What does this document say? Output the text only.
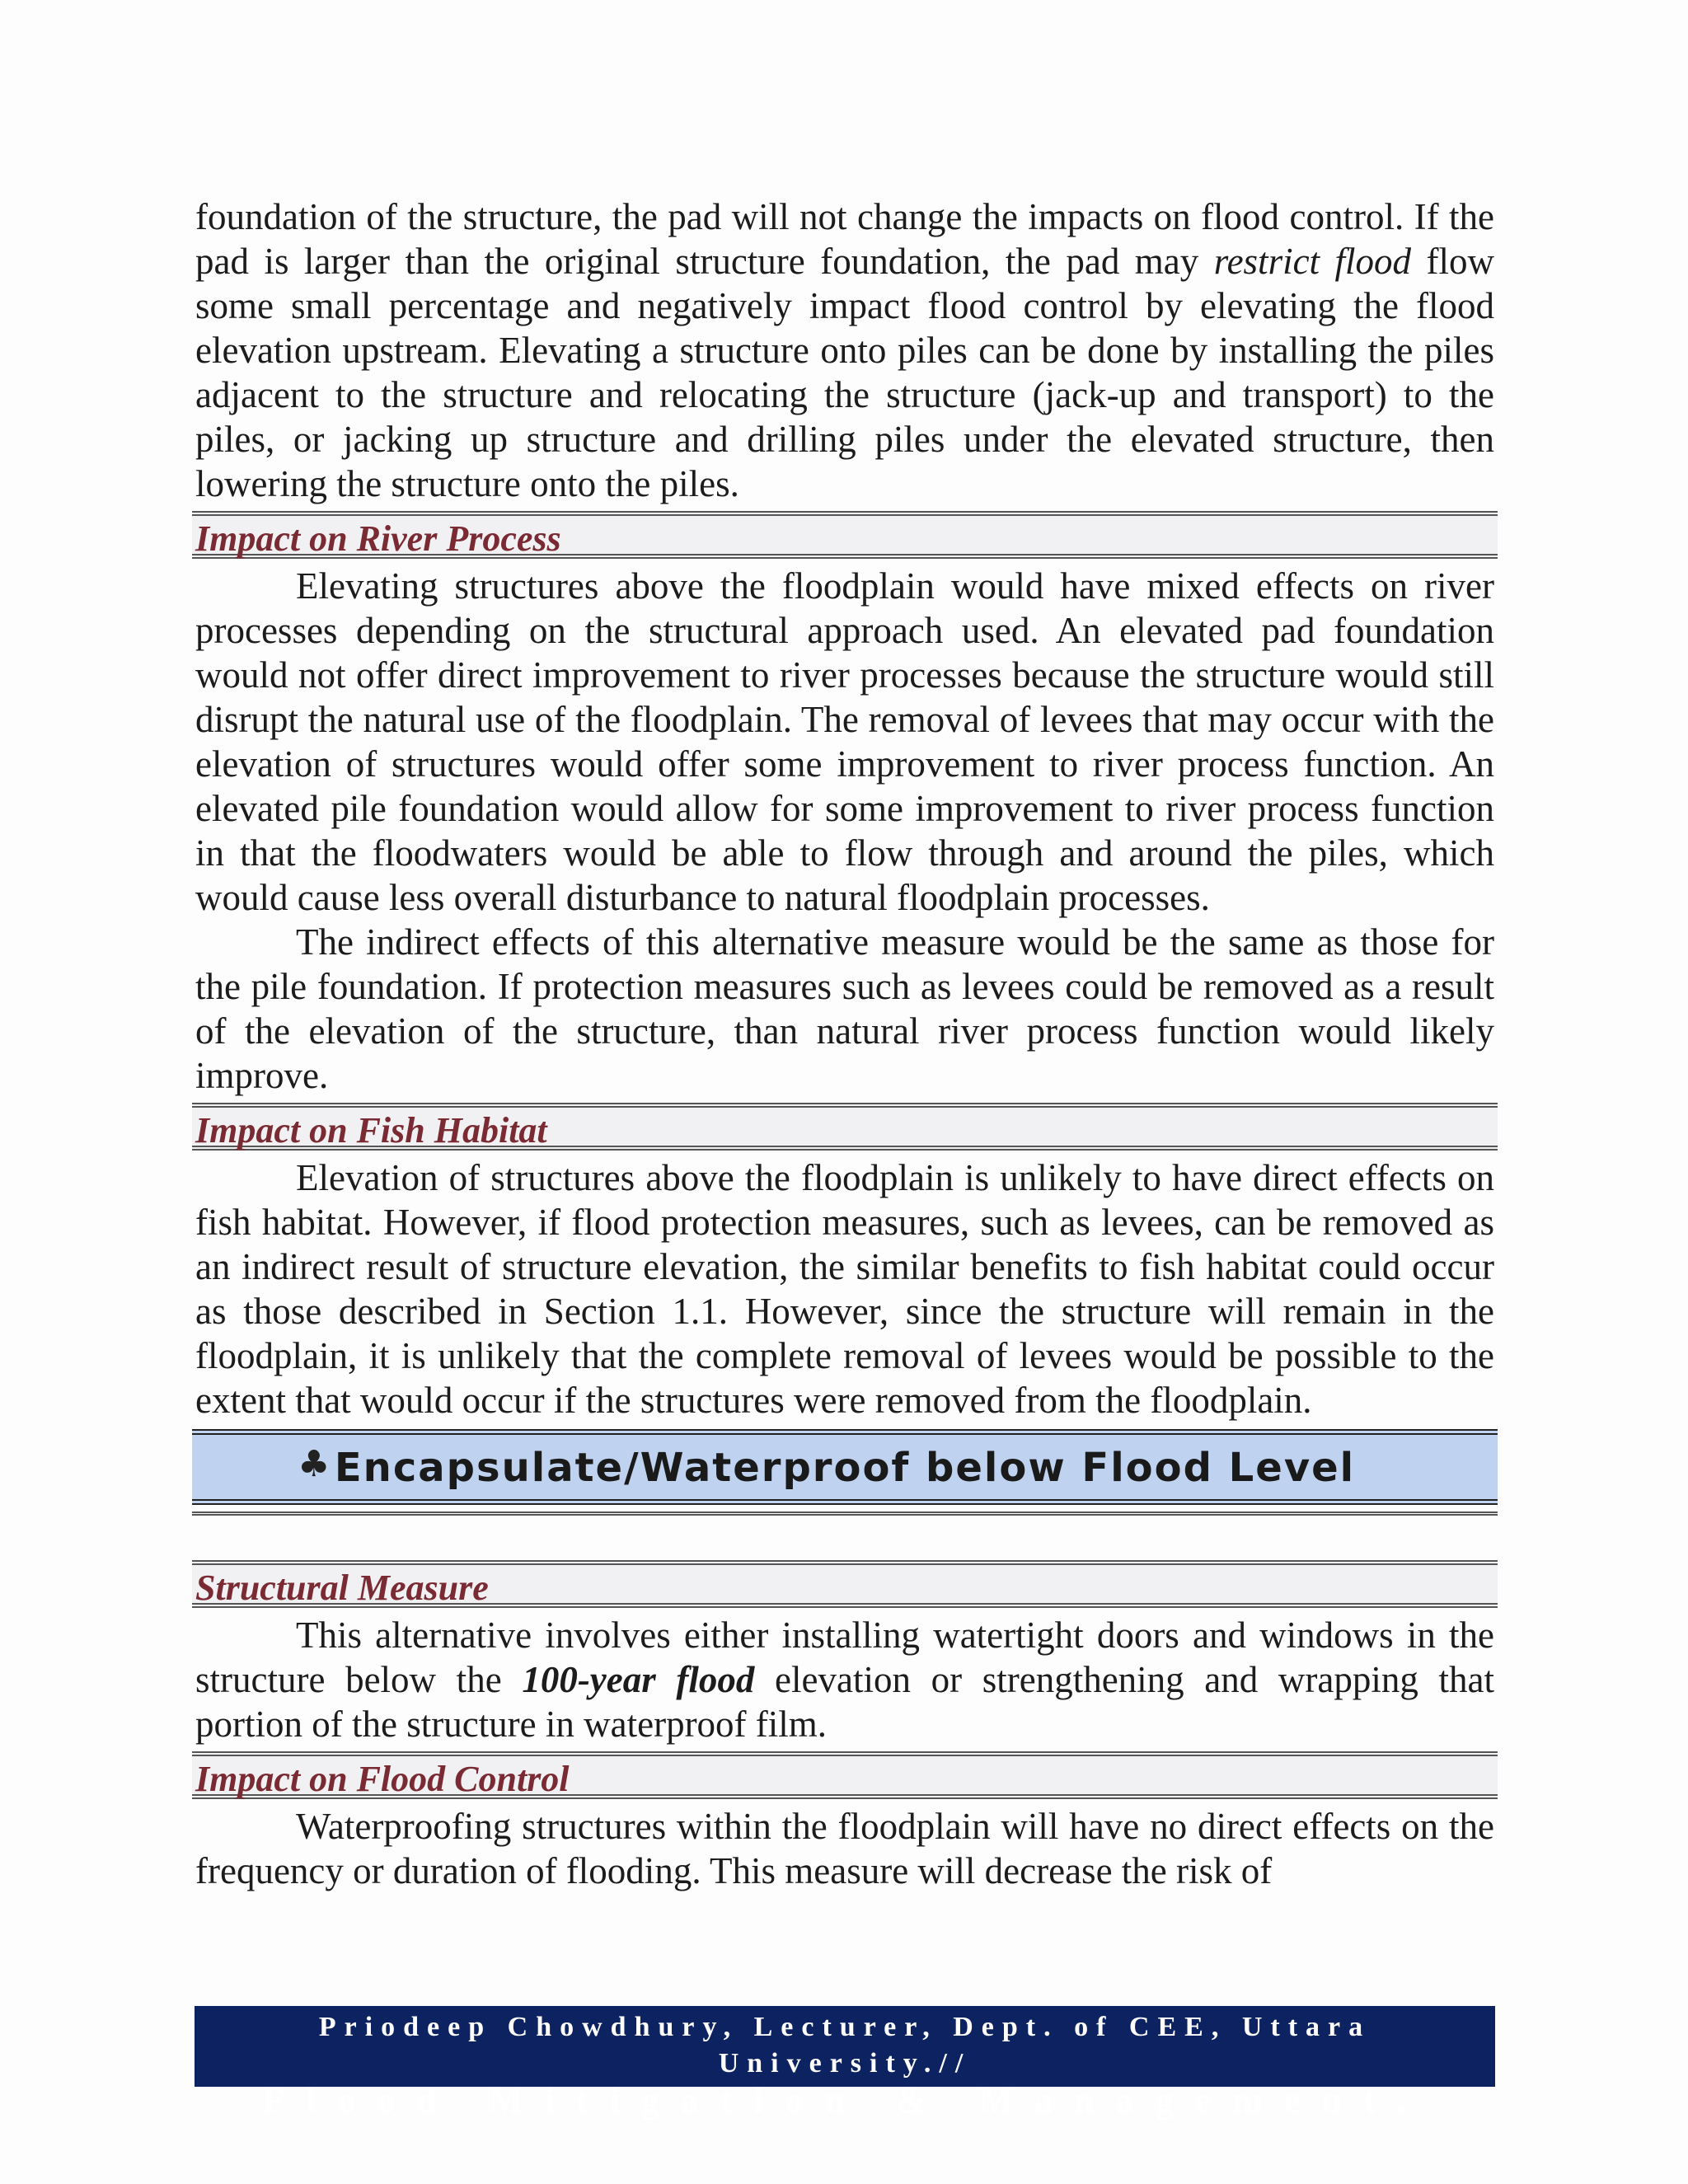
foundation of the structure, the pad will not change the impacts on flood control. If the pad is larger than the original structure foundation, the pad may restrict flood flow some small percentage and negatively impact flood control by elevating the flood elevation upstream. Elevating a structure onto piles can be done by installing the piles adjacent to the structure and relocating the structure (jack-up and transport) to the piles, or jacking up structure and drilling piles under the elevated structure, then lowering the structure onto the piles.

Impact on River Process

Elevating structures above the floodplain would have mixed effects on river processes depending on the structural approach used. An elevated pad foundation would not offer direct improvement to river processes because the structure would still disrupt the natural use of the floodplain. The removal of levees that may occur with the elevation of structures would offer some improvement to river process function. An elevated pile foundation would allow for some improvement to river process function in that the floodwaters would be able to flow through and around the piles, which would cause less overall disturbance to natural floodplain processes.

The indirect effects of this alternative measure would be the same as those for the pile foundation. If protection measures such as levees could be removed as a result of the elevation of the structure, than natural river process function would likely improve.

Impact on Fish Habitat

Elevation of structures above the floodplain is unlikely to have direct effects on fish habitat. However, if flood protection measures, such as levees, can be removed as an indirect result of structure elevation, the similar benefits to fish habitat could occur as those described in Section 1.1. However, since the structure will remain in the floodplain, it is unlikely that the complete removal of levees would be possible to the extent that would occur if the structures were removed from the floodplain.

♣ Encapsulate/Waterproof below Flood Level
Structural Measure

This alternative involves either installing watertight doors and windows in the structure below the 100-year flood elevation or strengthening and wrapping that portion of the structure in waterproof film.

Impact on Flood Control

Waterproofing structures within the floodplain will have no direct effects on the frequency or duration of flooding. This measure will decrease the risk of

Priodeep Chowdhury, Lecturer, Dept. of CEE, Uttara University.//
Flood Mitigation & Management.
